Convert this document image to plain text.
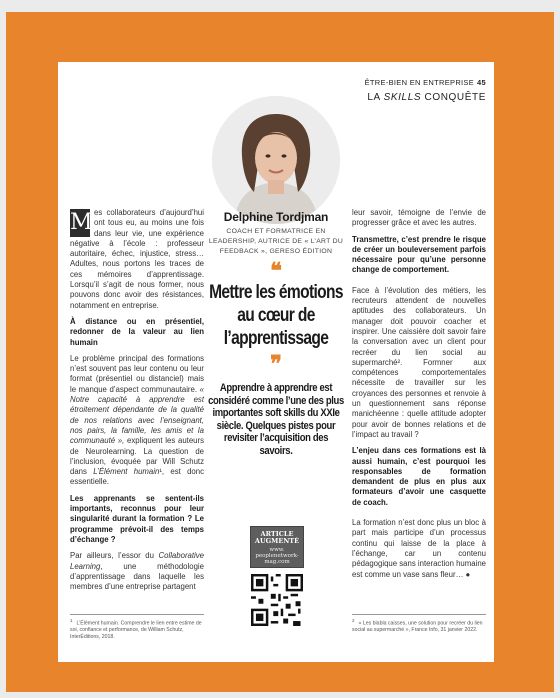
ÊTRE-BIEN EN ENTREPRISE 45
LA SKILLS CONQUÊTE

M es collaborateurs d’aujourd’hui ont tous eu, au moins une fois dans leur vie, une expérience négative à l’école : professeur autoritaire, échec, injustice, stress… Adultes, nous portons les traces de ces mémoires d’apprentissage. Lorsqu’il s’agit de nous former, nous pouvons donc avoir des résistances, notamment en entreprise.

À distance ou en présentiel, redonner de la valeur au lien humain

Le problème principal des formations n’est souvent pas leur contenu ou leur format (présentiel ou distanciel) mais le manque d’aspect communautaire. « Notre capacité à apprendre est étroitement dépendante de la qualité de nos relations avec l’enseignant, nos pairs, la famille, les amis et la communauté », expliquent les auteurs de Neurolearning. La question de l’inclusion, évoquée par Will Schutz dans L’Élément humain¹, est donc essentielle.

Les apprenants se sentent-ils importants, reconnus pour leur singularité durant la formation ? Le programme prévoit-il des temps d’échange ?

Par ailleurs, l’essor du Collaborative Learning, une méthodologie d’apprentissage dans laquelle les membres d’une entreprise partagent

Delphine Tordjman
COACH ET FORMATRICE EN LEADERSHIP, AUTRICE DE « L’ART DU FEEDBACK », GERESO ÉDITION
❝
Mettre les émotions au cœur de l’apprentissage
❞
Apprendre à apprendre est considéré comme l’une des plus importantes soft skills du XXIe siècle. Quelques pistes pour revisiter l’acquisition des savoirs.
ARTICLE AUGMENTÉ
www. peoplenetwork- mag.com

leur savoir, témoigne de l’envie de progresser grâce et avec les autres.

Transmettre, c’est prendre le risque de créer un bouleversement parfois nécessaire pour qu’une personne change de comportement.

Face à l’évolution des métiers, les recruteurs attendent de nouvelles aptitudes des collaborateurs. Un manager doit pouvoir coacher et inspirer. Une caissière doit savoir faire la conversation avec un client pour recréer du lien social au supermarché². Formner aux compétences comportementales nécessite de travailler sur les croyances des personnes et renvoie à un questionnement sans réponse manichéenne : quelle attitude adopter pour avoir de bonnes relations et de l’impact au travail ?

L’enjeu dans ces formations est là aussi humain, c’est pourquoi les responsables de formation demandent de plus en plus aux formateurs d’avoir une casquette de coach.

La formation n’est donc plus un bloc à part mais participe d’un processus continu qui laisse de la place à l’échange, car un contenu pédagogique sans interaction humaine est comme un vase sans fleur… ●

$^1$L’Élément humain. Comprendre le lien entre estime de soi, confiance et performance, de William Schutz, InterÉditions, 2018.
$^2$« Les blabla caisses, une solution pour recréer du lien social au supermarché », France Info, 31 janvier 2022.
